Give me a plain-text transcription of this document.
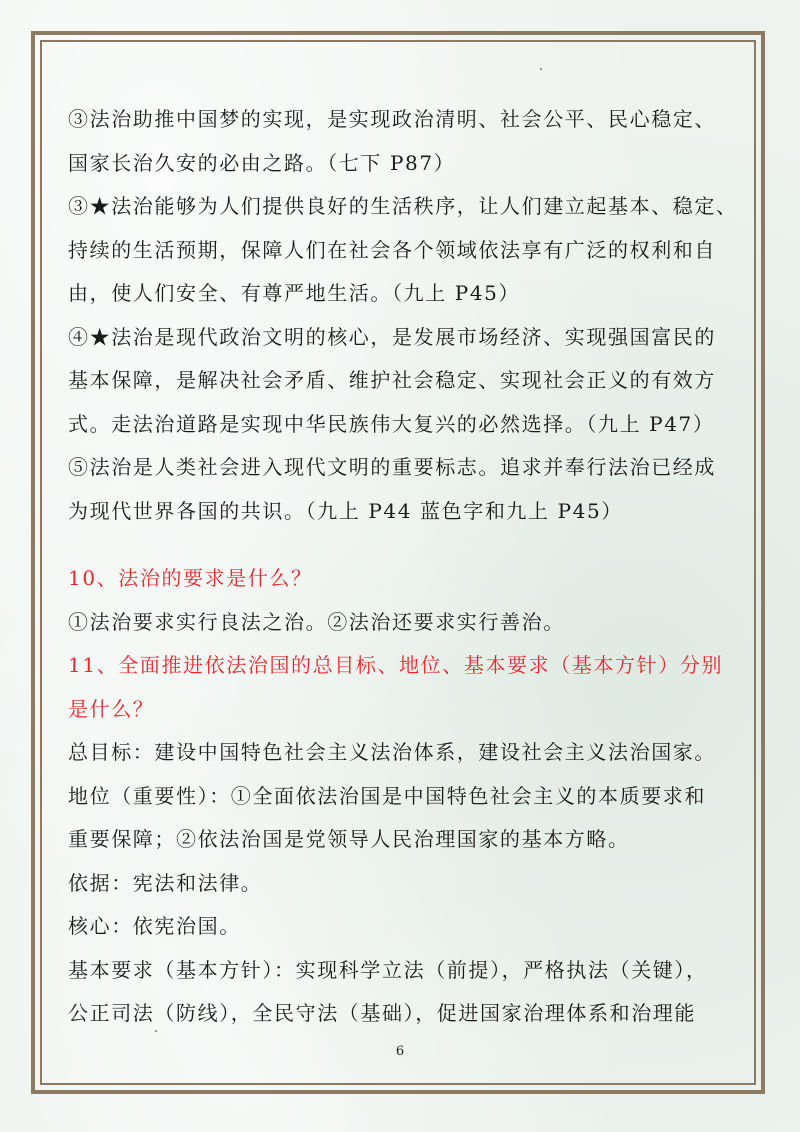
③法治助推中国梦的实现，是实现政治清明、社会公平、民心稳定、
国家长治久安的必由之路。（七下 P87）
③★法治能够为人们提供良好的生活秩序，让人们建立起基本、稳定、
持续的生活预期，保障人们在社会各个领域依法享有广泛的权利和自
由，使人们安全、有尊严地生活。（九上 P45）
④★法治是现代政治文明的核心，是发展市场经济、实现强国富民的
基本保障，是解决社会矛盾、维护社会稳定、实现社会正义的有效方
式。走法治道路是实现中华民族伟大复兴的必然选择。（九上 P47）
⑤法治是人类社会进入现代文明的重要标志。追求并奉行法治已经成
为现代世界各国的共识。（九上 P44 蓝色字和九上 P45）
10、法治的要求是什么？
①法治要求实行良法之治。②法治还要求实行善治。
11、全面推进依法治国的总目标、地位、基本要求（基本方针）分别
是什么？
总目标：建设中国特色社会主义法治体系，建设社会主义法治国家。
地位（重要性）：①全面依法治国是中国特色社会主义的本质要求和
重要保障；②依法治国是党领导人民治理国家的基本方略。
依据：宪法和法律。
核心：依宪治国。
基本要求（基本方针）：实现科学立法（前提），严格执法（关键），
公正司法（防线），全民守法（基础），促进国家治理体系和治理能
6
